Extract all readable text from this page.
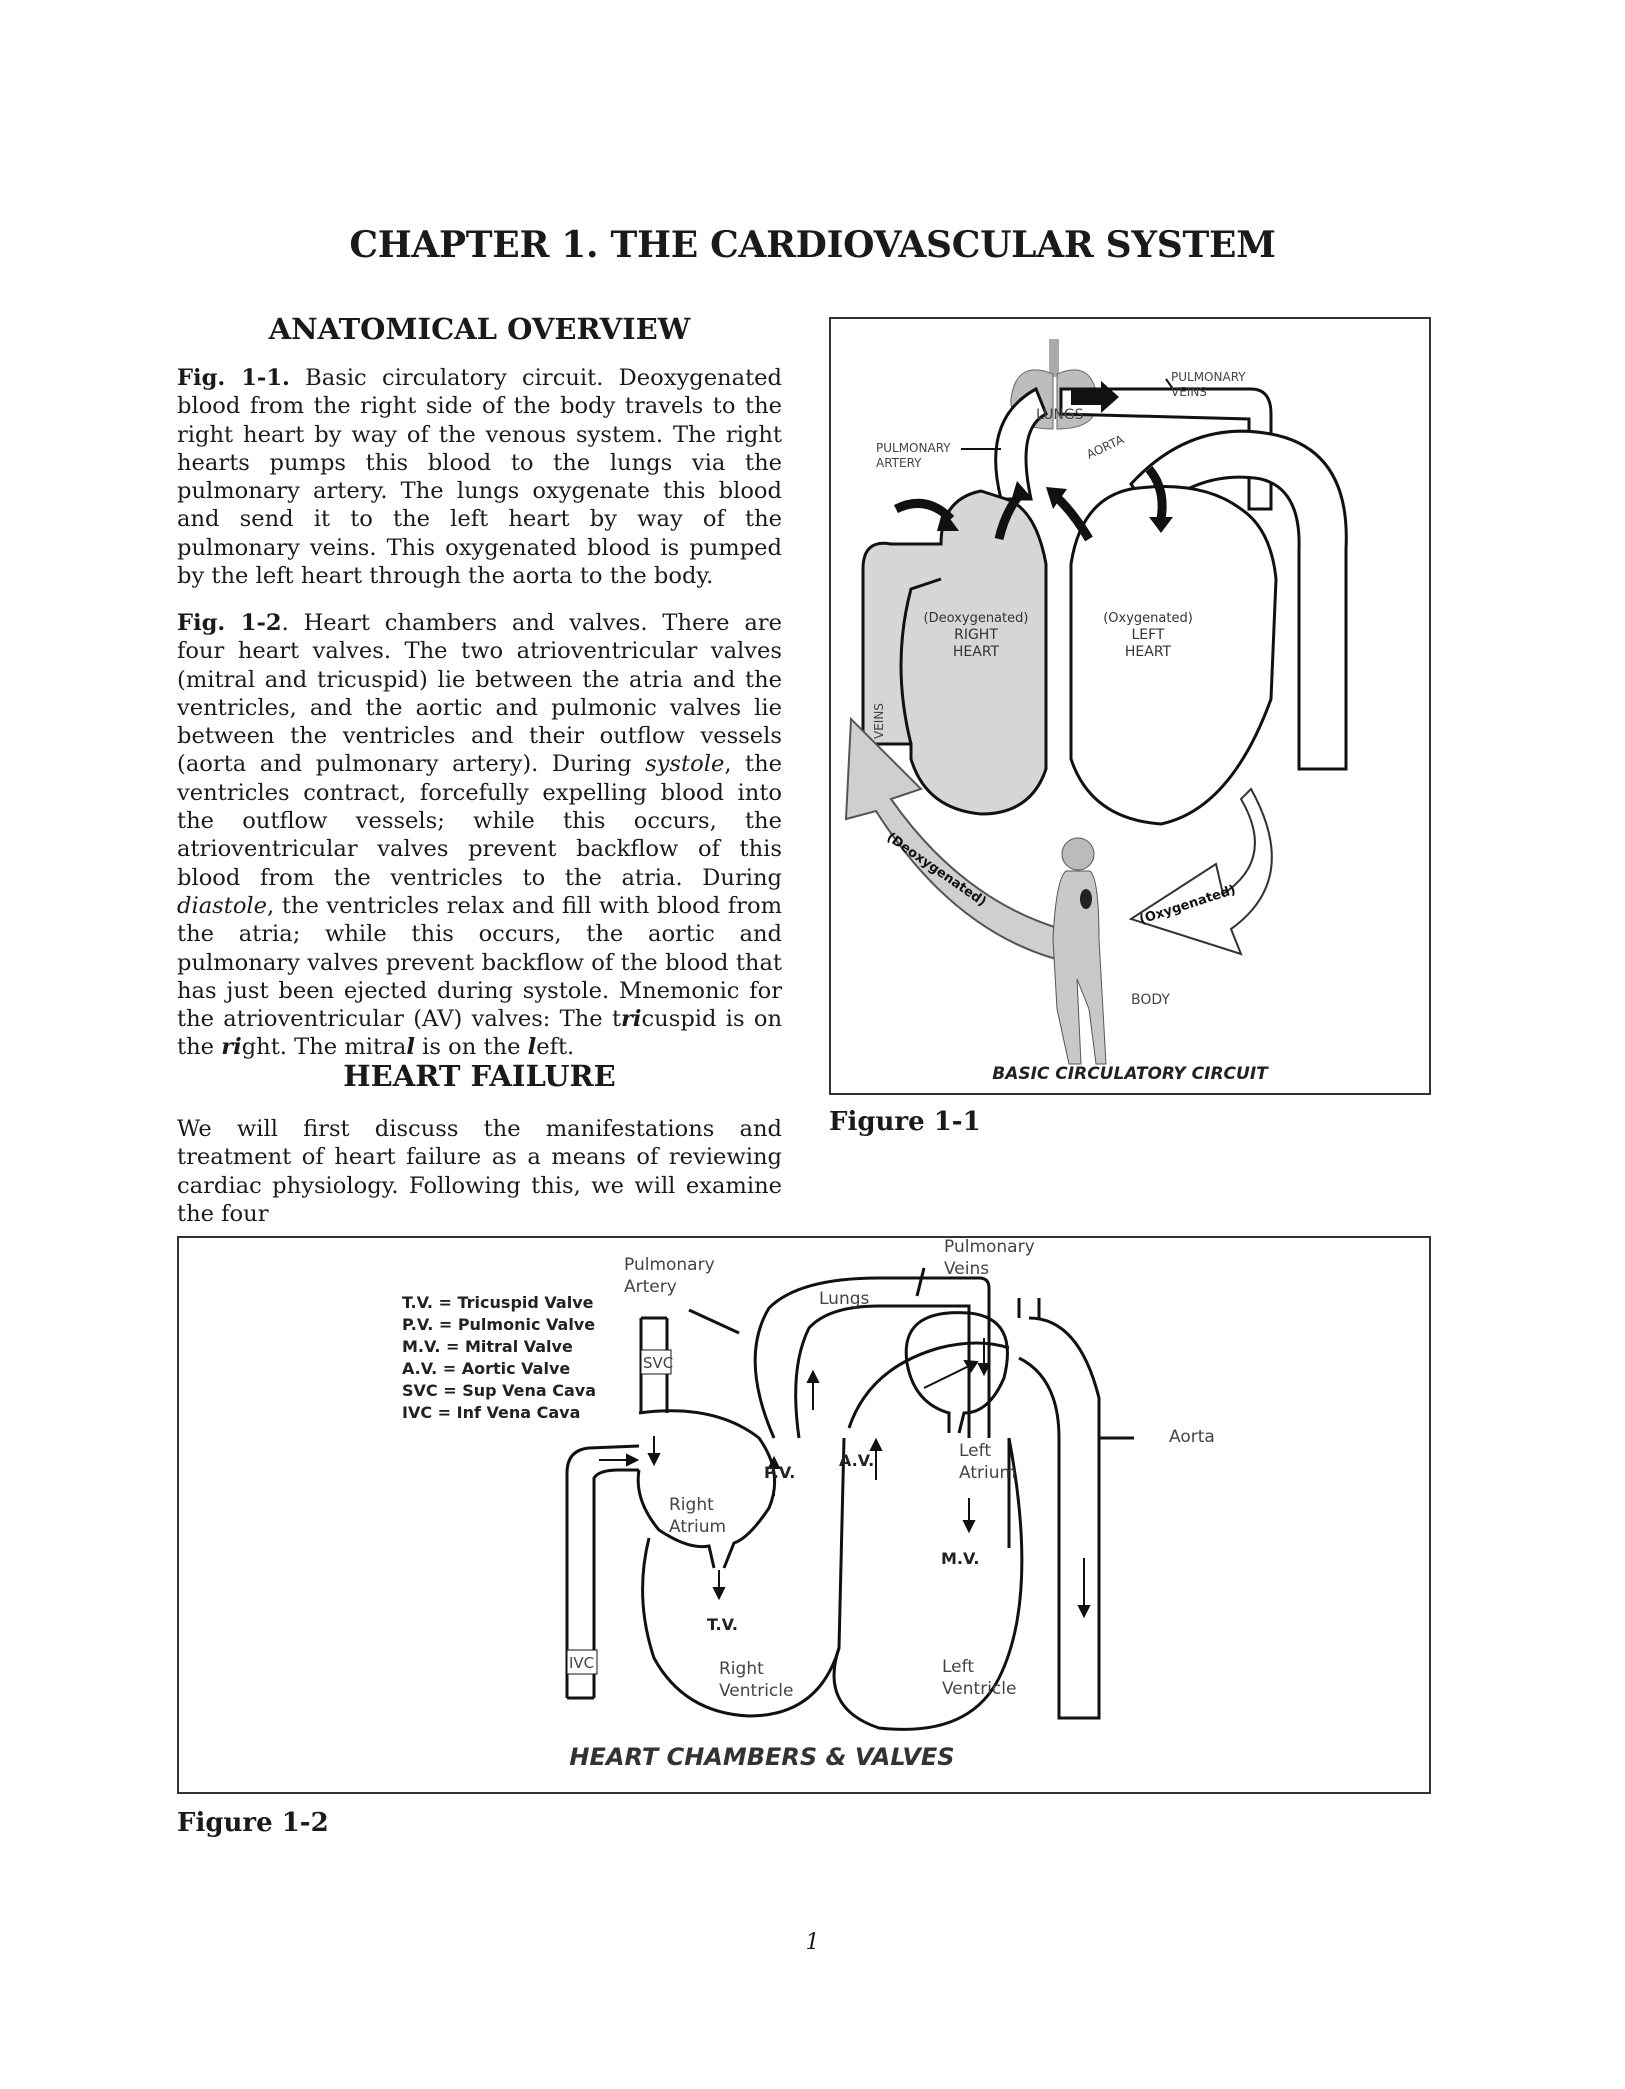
CHAPTER 1. THE CARDIOVASCULAR SYSTEM
ANATOMICAL OVERVIEW
Fig. 1-1. Basic circulatory circuit. Deoxygenated blood from the right side of the body travels to the right heart by way of the venous system. The right hearts pumps this blood to the lungs via the pulmonary artery. The lungs oxygenate this blood and send it to the left heart by way of the pulmonary veins. This oxygenated blood is pumped by the left heart through the aorta to the body.
Fig. 1-2. Heart chambers and valves. There are four heart valves. The two atrioventricular valves (mitral and tricuspid) lie between the atria and the ventricles, and the aortic and pulmonic valves lie between the ventricles and their outflow vessels (aorta and pulmonary artery). During systole, the ventricles contract, forcefully expelling blood into the outflow vessels; while this occurs, the atrioventricular valves prevent backflow of this blood from the ventricles to the atria. During diastole, the ventricles relax and fill with blood from the atria; while this occurs, the aortic and pulmonary valves prevent backflow of the blood that has just been ejected during systole. Mnemonic for the atrioventricular (AV) valves: The tricuspid is on the right. The mitral is on the left.
HEART FAILURE
We will first discuss the manifestations and treatment of heart failure as a means of reviewing cardiac physiology. Following this, we will examine the four
PULMONARY
VEINS
PULMONARY
ARTERY
LUNGS
AORTA
(Deoxygenated)
RIGHT
HEART
(Oxygenated)
LEFT
HEART
VEINS
(Deoxygenated)	(Oxygenated)
BODY
BASIC CIRCULATORY CIRCUIT
Figure 1-1
T.V. = Tricuspid Valve
P.V. = Pulmonic Valve
M.V. = Mitral Valve
A.V. = Aortic Valve
SVC = Sup Vena Cava
IVC = Inf Vena Cava
Pulmonary
Artery
Pulmonary
Veins
Lungs
SVC
IVC
P.V.
A.V.
T.V.
M.V.
Right
Atrium
Left
Atrium
Right
Ventricle
Left
Ventricle
Aorta
HEART CHAMBERS & VALVES
Figure 1-2
1
